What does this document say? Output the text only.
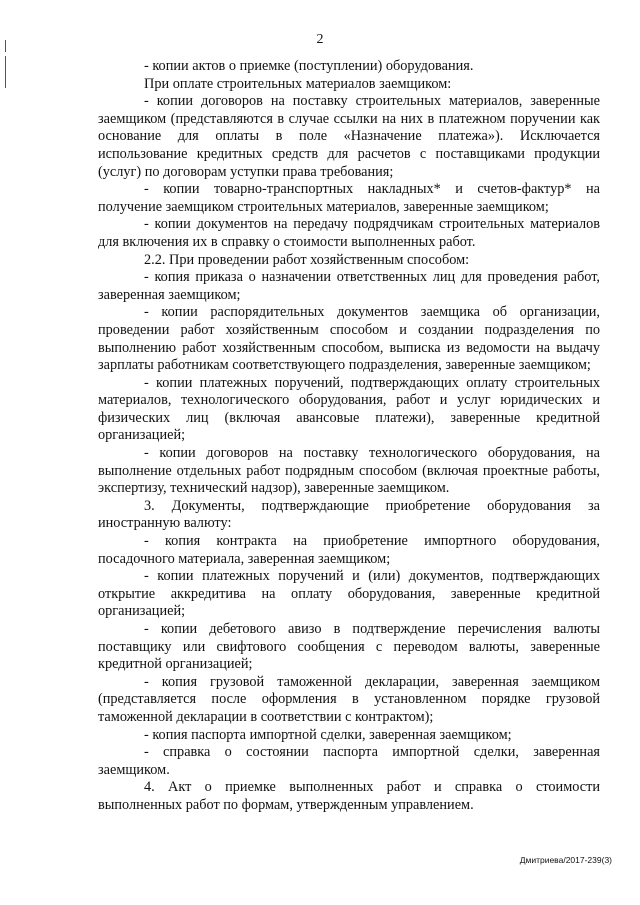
2

- копии актов о приемке (поступлении) оборудования.

При оплате строительных материалов заемщиком:

- копии договоров на поставку строительных материалов, заверенные заемщиком (представляются в случае ссылки на них в платежном поручении как основание для оплаты в поле «Назначение платежа»). Исключается использование кредитных средств для расчетов с поставщиками продукции (услуг) по договорам уступки права требования;

- копии товарно-транспортных накладных* и счетов-фактур* на получение заемщиком строительных материалов, заверенные заемщиком;

- копии документов на передачу подрядчикам строительных материалов для включения их в справку о стоимости выполненных работ.

2.2. При проведении работ хозяйственным способом:

- копия приказа о назначении ответственных лиц для проведения работ, заверенная заемщиком;

- копии распорядительных документов заемщика об организации, проведении работ хозяйственным способом и создании подразделения по выполнению работ хозяйственным способом, выписка из ведомости на выдачу зарплаты работникам соответствующего подразделения, заверенные заемщиком;

- копии платежных поручений, подтверждающих оплату строительных материалов, технологического оборудования, работ и услуг юридических и физических лиц (включая авансовые платежи), заверенные кредитной организацией;

- копии договоров на поставку технологического оборудования, на выполнение отдельных работ подрядным способом (включая проектные работы, экспертизу, технический надзор), заверенные заемщиком.

3. Документы, подтверждающие приобретение оборудования за иностранную валюту:

- копия контракта на приобретение импортного оборудования, посадочного материала, заверенная заемщиком;

- копии платежных поручений и (или) документов, подтверждающих открытие аккредитива на оплату оборудования, заверенные кредитной организацией;

- копии дебетового авизо в подтверждение перечисления валюты поставщику или свифтового сообщения с переводом валюты, заверенные кредитной организацией;

- копия грузовой таможенной декларации, заверенная заемщиком (представляется после оформления в установленном порядке грузовой таможенной декларации в соответствии с контрактом);

- копия паспорта импортной сделки, заверенная заемщиком;

- справка о состоянии паспорта импортной сделки, заверенная заемщиком.

4. Акт о приемке выполненных работ и справка о стоимости выполненных работ по формам, утвержденным управлением.

Дмитриева/2017-239(3)
